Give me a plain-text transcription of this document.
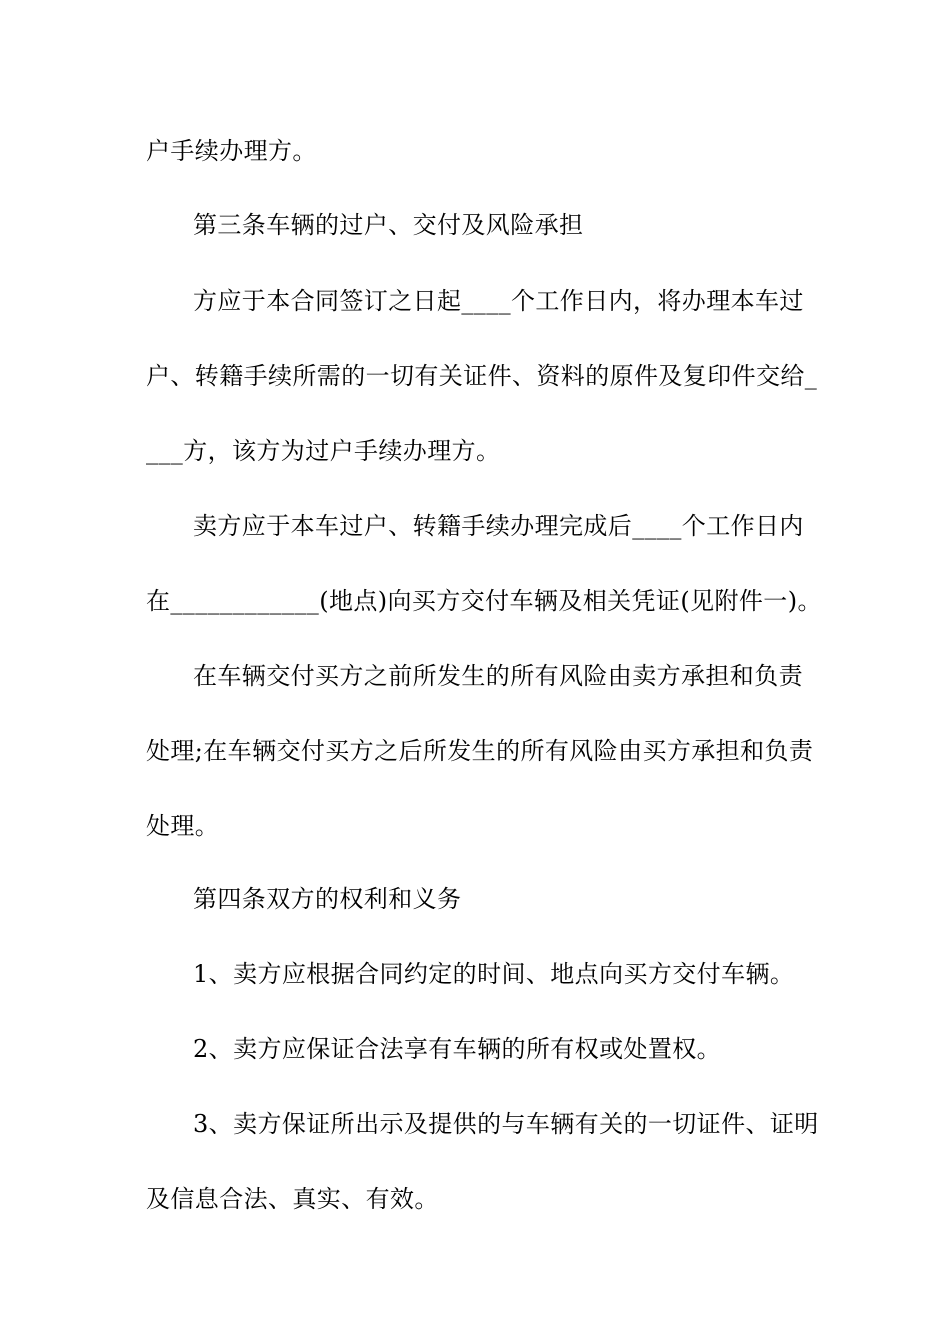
户手续办理方。
第三条车辆的过户、交付及风险承担
方应于本合同签订之日起____个工作日内，将办理本车过
户、转籍手续所需的一切有关证件、资料的原件及复印件交给_
___方，该方为过户手续办理方。
卖方应于本车过户、转籍手续办理完成后____个工作日内
在____________(地点)向买方交付车辆及相关凭证(见附件一)。
在车辆交付买方之前所发生的所有风险由卖方承担和负责
处理;在车辆交付买方之后所发生的所有风险由买方承担和负责
处理。
第四条双方的权利和义务
1、卖方应根据合同约定的时间、地点向买方交付车辆。
2、卖方应保证合法享有车辆的所有权或处置权。
3、卖方保证所出示及提供的与车辆有关的一切证件、证明
及信息合法、真实、有效。
